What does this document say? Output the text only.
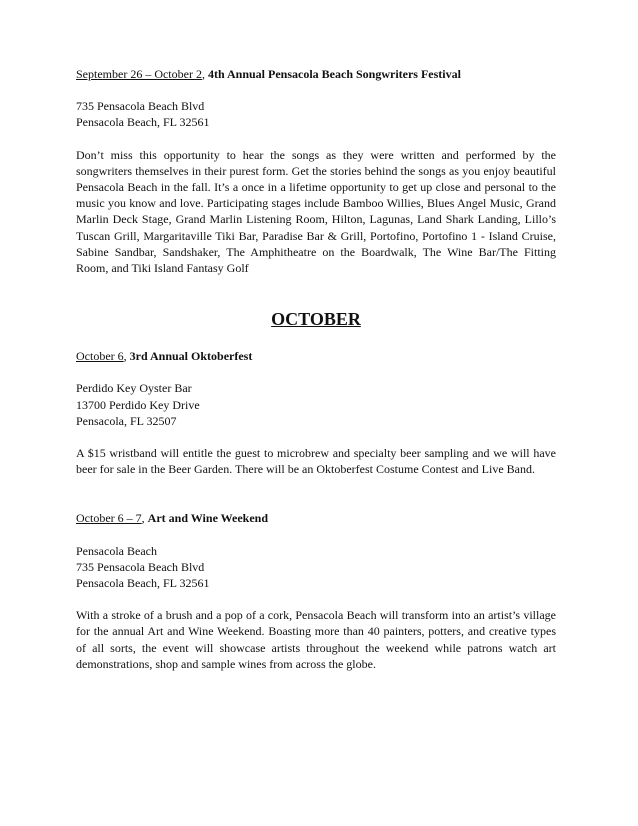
September 26 – October 2, 4th Annual Pensacola Beach Songwriters Festival

735 Pensacola Beach Blvd
Pensacola Beach, FL 32561

Don’t miss this opportunity to hear the songs as they were written and performed by the songwriters themselves in their purest form. Get the stories behind the songs as you enjoy beautiful Pensacola Beach in the fall. It’s a once in a lifetime opportunity to get up close and personal to the music you know and love. Participating stages include Bamboo Willies, Blues Angel Music, Grand Marlin Deck Stage, Grand Marlin Listening Room, Hilton, Lagunas, Land Shark Landing, Lillo’s Tuscan Grill, Margaritaville Tiki Bar, Paradise Bar & Grill, Portofino, Portofino 1 - Island Cruise, Sabine Sandbar, Sandshaker, The Amphitheatre on the Boardwalk, The Wine Bar/The Fitting Room, and Tiki Island Fantasy Golf

OCTOBER

October 6, 3rd Annual Oktoberfest

Perdido Key Oyster Bar
13700 Perdido Key Drive
Pensacola, FL 32507

A $15 wristband will entitle the guest to microbrew and specialty beer sampling and we will have beer for sale in the Beer Garden. There will be an Oktoberfest Costume Contest and Live Band.

October 6 – 7, Art and Wine Weekend

Pensacola Beach
735 Pensacola Beach Blvd
Pensacola Beach, FL 32561

With a stroke of a brush and a pop of a cork, Pensacola Beach will transform into an artist’s village for the annual Art and Wine Weekend. Boasting more than 40 painters, potters, and creative types of all sorts, the event will showcase artists throughout the weekend while patrons watch art demonstrations, shop and sample wines from across the globe.
